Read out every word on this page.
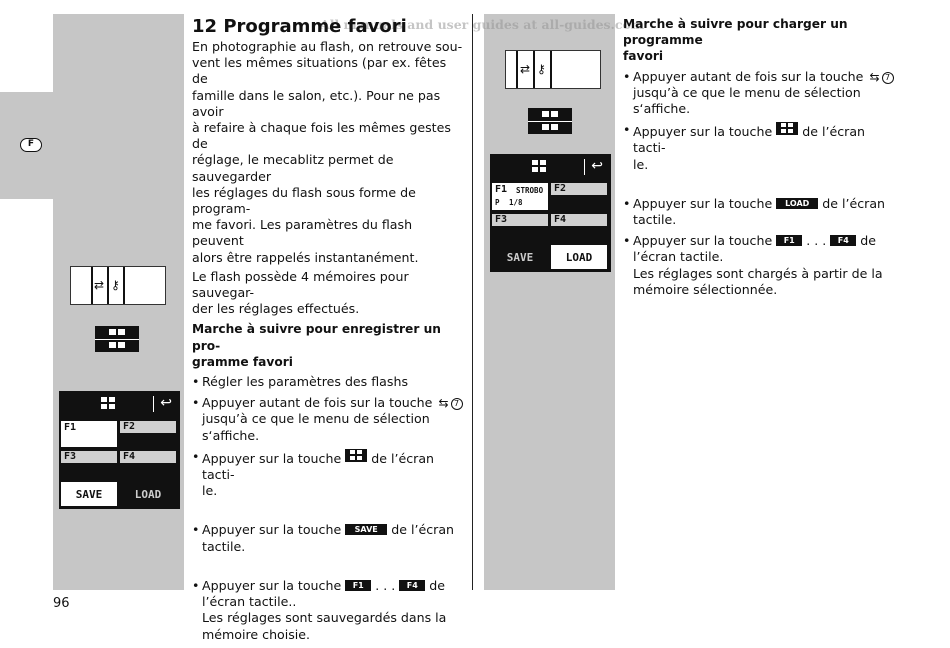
F
All manuals and user guides at all-guides.com
⇄ ⚷
↩
F1	F2
F3	F4
SAVE	LOAD
⇄ ⚷
↩
F1 STROBO
P 1/8
F2
F3	F4
SAVE	LOAD
12 Programme favori

En photographie au flash, on retrouve sou-
vent les mêmes situations (par ex. fêtes de
famille dans le salon, etc.). Pour ne pas avoir
à refaire à chaque fois les mêmes gestes de
réglage, le mecablitz permet de sauvegarder
les réglages du flash sous forme de program-
me favori. Les paramètres du flash peuvent
alors être rappelés instantanément.

Le flash possède 4 mémoires pour sauvegar-
der les réglages effectués.

Marche à suivre pour enregistrer un pro-
gramme favori
• Régler les paramètres des flashs
• Appuyer autant de fois sur la touche ⇆ 7
jusqu’à ce que le menu de sélection
s‘affiche.
• Appuyer sur la touche de l’écran tacti-
le.
• Appuyer sur la touche SAVE de l’écran
tactile.
• Appuyer sur la touche F1 . . . F4 de
l’écran tactile..
Les réglages sont sauvegardés dans la
mémoire choisie.
Marche à suivre pour charger un programme
favori
• Appuyer autant de fois sur la touche ⇆ 7
jusqu’à ce que le menu de sélection
s‘affiche.
• Appuyer sur la touche de l’écran tacti-
le.
• Appuyer sur la touche LOAD de l’écran
tactile.
• Appuyer sur la touche F1 . . . F4 de
l’écran tactile.
Les réglages sont chargés à partir de la
mémoire sélectionnée.
96
